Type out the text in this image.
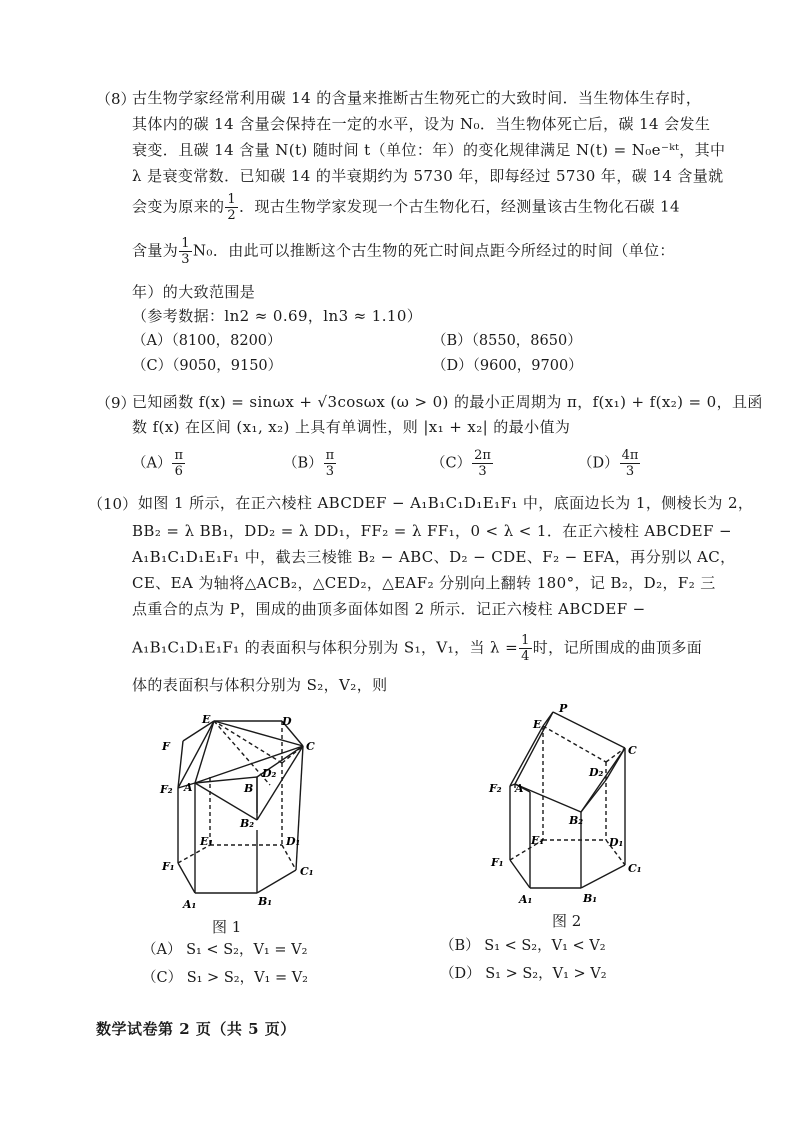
（8）
古生物学家经常利用碳 14 的含量来推断古生物死亡的大致时间．当生物体生存时，
其体内的碳 14 含量会保持在一定的水平，设为 N₀．当生物体死亡后，碳 14 会发生
衰变．且碳 14 含量 N(t) 随时间 t（单位：年）的变化规律满足 N(t) = N₀e⁻ᵏᵗ，其中
λ 是衰变常数．已知碳 14 的半衰期约为 5730 年，即每经过 5730 年，碳 14 含量就
会变为原来的 $\frac{1}{2}$ ．现古生物学家发现一个古生物化石，经测量该古生物化石碳 14
含量为 $\frac{1}{3} N_0$．由此可以推断这个古生物的死亡时间点距今所经过的时间（单位：
年）的大致范围是
（参考数据：ln2 ≈ 0.69，ln3 ≈ 1.10）
（A）（8100，8200）	（B）（8550，8650）
（C）（9050，9150）	（D）（9600，9700）
（9）
已知函数 f(x) = sinωx + √3cosωx (ω > 0) 的最小正周期为 π，f(x₁) + f(x₂) = 0，且函
数 f(x) 在区间 (x₁, x₂) 上具有单调性，则 |x₁ + x₂| 的最小值为
$(A) \frac{\pi}{6}$	$(B) \frac{\pi}{3}$	$(C) \frac{2\pi}{3}$	$(D) \frac{4\pi}{3}$
（10） 如图 1 所示，在正六棱柱 ABCDEF − A₁B₁C₁D₁E₁F₁ 中，底面边长为 1，侧棱长为 2，
BB₂ = λ BB₁，DD₂ = λ DD₁，FF₂ = λ FF₁，0 < λ < 1．在正六棱柱 ABCDEF −
A₁B₁C₁D₁E₁F₁ 中，截去三棱锥 B₂ − ABC、D₂ − CDE、F₂ − EFA，再分别以 AC，
CE、EA 为轴将△ACB₂，△CED₂，△EAF₂ 分别向上翻转 180°，记 B₂，D₂，F₂ 三
点重合的点为 P，围成的曲顶多面体如图 2 所示．记正六棱柱 ABCDEF −
A₁B₁C₁D₁E₁F₁ 的表面积与体积分别为 S₁，V₁，当 $\lambda = \frac{1}{4}$ 时，记所围成的曲顶多面
体的表面积与体积分别为 S₂，V₂，则
E	D
F	C
F₂ A	B
D₂
B₂
E₁	D₁
F₁	C₁
A₁	B₁
图 1
P
E
C
D₂
F₂ A
B₂
E₁	D₁
F₁	C₁
A₁	B₁
图 2
（A） S₁ < S₂，V₁ = V₂	（B） S₁ < S₂，V₁ < V₂
（C） S₁ > S₂，V₁ = V₂	（D） S₁ > S₂，V₁ > V₂
数学试卷第 2 页（共 5 页）
